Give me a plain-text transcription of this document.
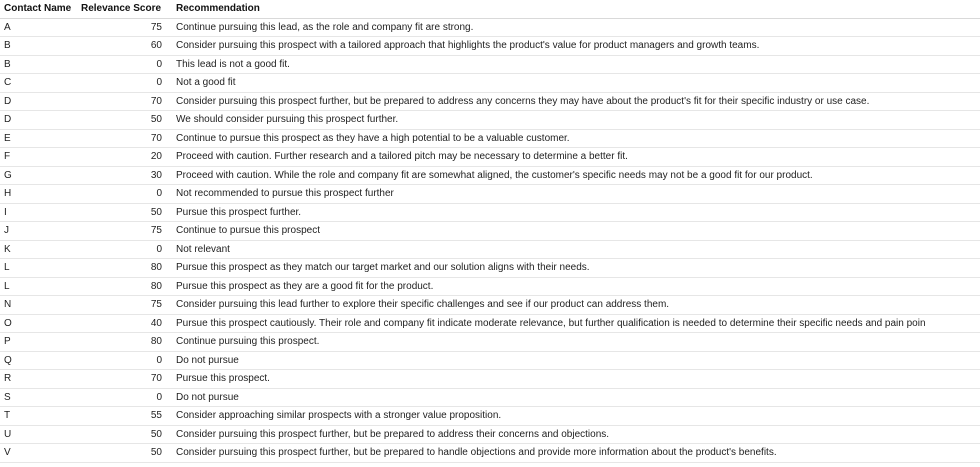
Contact Name	Relevance Score	Recommendation
A	75	Continue pursuing this lead, as the role and company fit are strong.
B	60	Consider pursuing this prospect with a tailored approach that highlights the product's value for product managers and growth teams.
B	0	This lead is not a good fit.
C	0	Not a good fit
D	70	Consider pursuing this prospect further, but be prepared to address any concerns they may have about the product's fit for their specific industry or use case.
D	50	We should consider pursuing this prospect further.
E	70	Continue to pursue this prospect as they have a high potential to be a valuable customer.
F	20	Proceed with caution. Further research and a tailored pitch may be necessary to determine a better fit.
G	30	Proceed with caution. While the role and company fit are somewhat aligned, the customer's specific needs may not be a good fit for our product.
H	0	Not recommended to pursue this prospect further
I	50	Pursue this prospect further.
J	75	Continue to pursue this prospect
K	0	Not relevant
L	80	Pursue this prospect as they match our target market and our solution aligns with their needs.
L	80	Pursue this prospect as they are a good fit for the product.
N	75	Consider pursuing this lead further to explore their specific challenges and see if our product can address them.
O	40	Pursue this prospect cautiously. Their role and company fit indicate moderate relevance, but further qualification is needed to determine their specific needs and pain poin
P	80	Continue pursuing this prospect.
Q	0	Do not pursue
R	70	Pursue this prospect.
S	0	Do not pursue
T	55	Consider approaching similar prospects with a stronger value proposition.
U	50	Consider pursuing this prospect further, but be prepared to address their concerns and objections.
V	50	Consider pursuing this prospect further, but be prepared to handle objections and provide more information about the product's benefits.
